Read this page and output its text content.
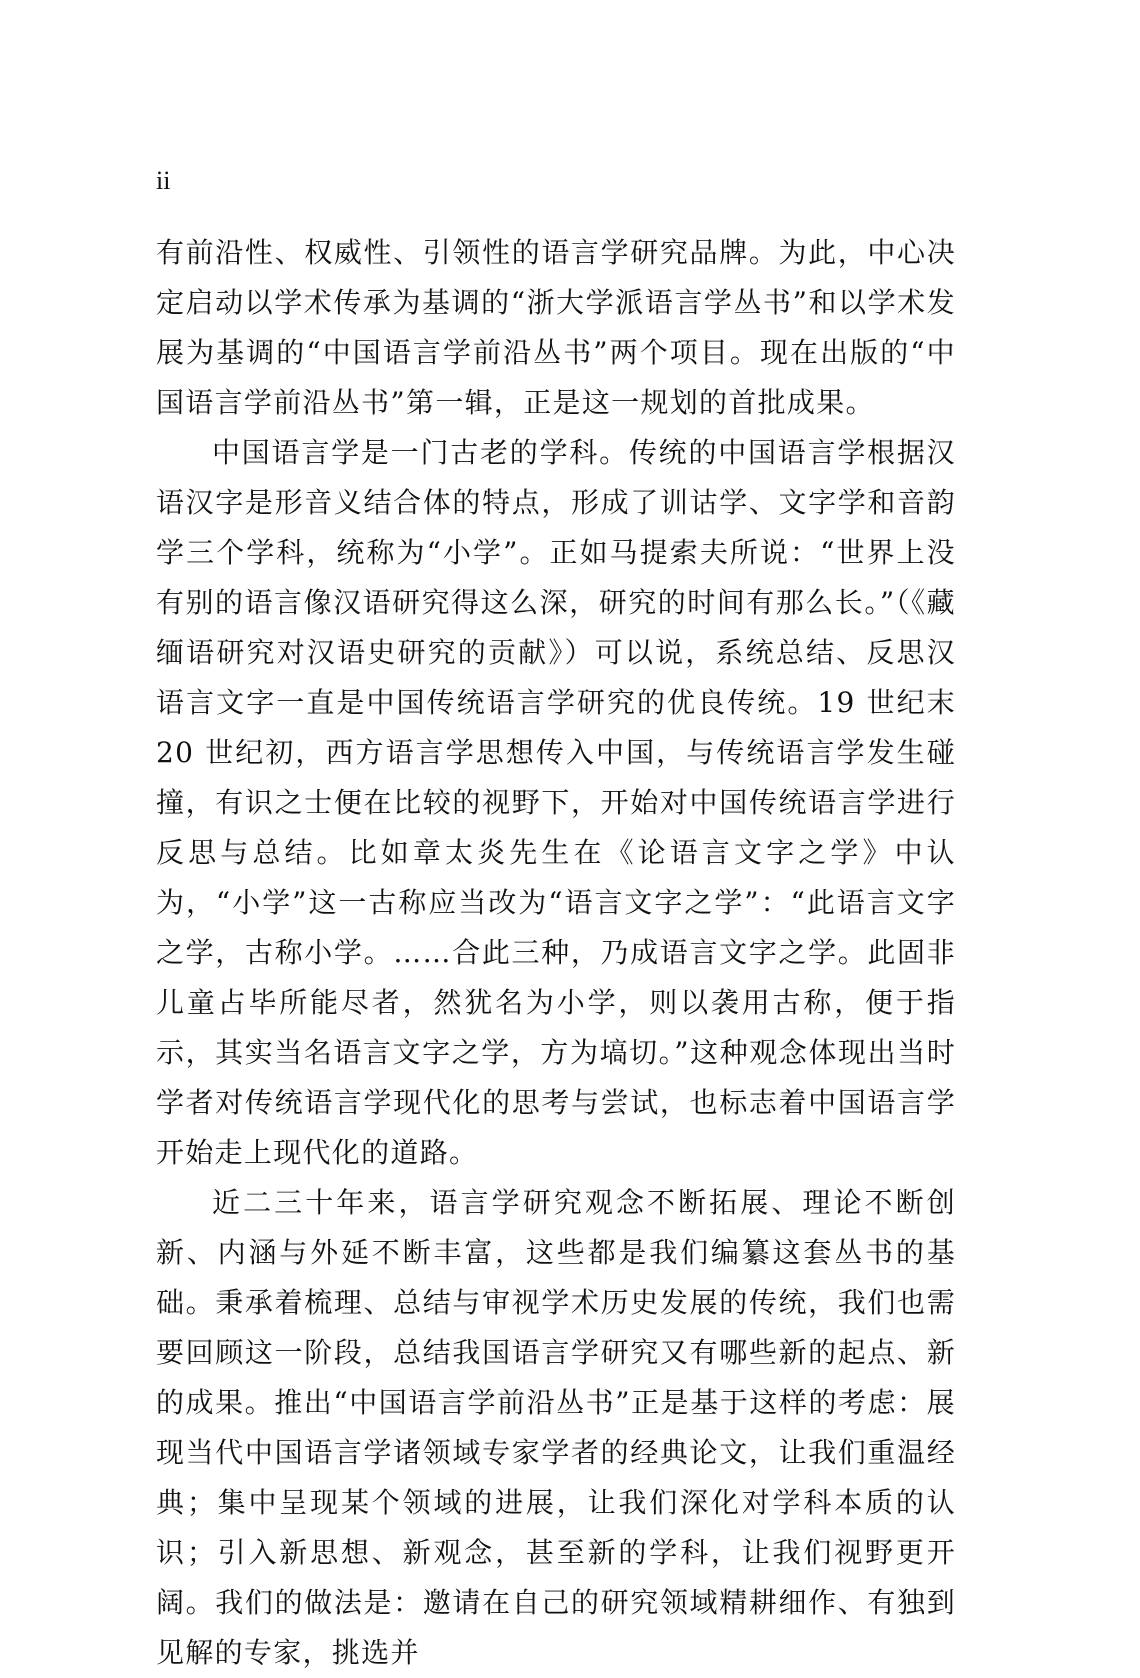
ii

有前沿性、权威性、引领性的语言学研究品牌。为此，中心决定启动以学术传承为基调的“浙大学派语言学丛书”和以学术发展为基调的“中国语言学前沿丛书”两个项目。现在出版的“中国语言学前沿丛书”第一辑，正是这一规划的首批成果。

中国语言学是一门古老的学科。传统的中国语言学根据汉语汉字是形音义结合体的特点，形成了训诂学、文字学和音韵学三个学科，统称为“小学”。正如马提索夫所说：“世界上没有别的语言像汉语研究得这么深，研究的时间有那么长。”（《藏缅语研究对汉语史研究的贡献》）可以说，系统总结、反思汉语言文字一直是中国传统语言学研究的优良传统。19 世纪末 20 世纪初，西方语言学思想传入中国，与传统语言学发生碰撞，有识之士便在比较的视野下，开始对中国传统语言学进行反思与总结。比如章太炎先生在《论语言文字之学》中认为，“小学”这一古称应当改为“语言文字之学”：“此语言文字之学，古称小学。……合此三种，乃成语言文字之学。此固非儿童占毕所能尽者，然犹名为小学，则以袭用古称，便于指示，其实当名语言文字之学，方为塙切。”这种观念体现出当时学者对传统语言学现代化的思考与尝试，也标志着中国语言学开始走上现代化的道路。

近二三十年来，语言学研究观念不断拓展、理论不断创新、内涵与外延不断丰富，这些都是我们编纂这套丛书的基础。秉承着梳理、总结与审视学术历史发展的传统，我们也需要回顾这一阶段，总结我国语言学研究又有哪些新的起点、新的成果。推出“中国语言学前沿丛书”正是基于这样的考虑：展现当代中国语言学诸领域专家学者的经典论文，让我们重温经典；集中呈现某个领域的进展，让我们深化对学科本质的认识；引入新思想、新观念，甚至新的学科，让我们视野更开阔。我们的做法是：邀请在自己的研究领域精耕细作、有独到见解的专家，挑选并
